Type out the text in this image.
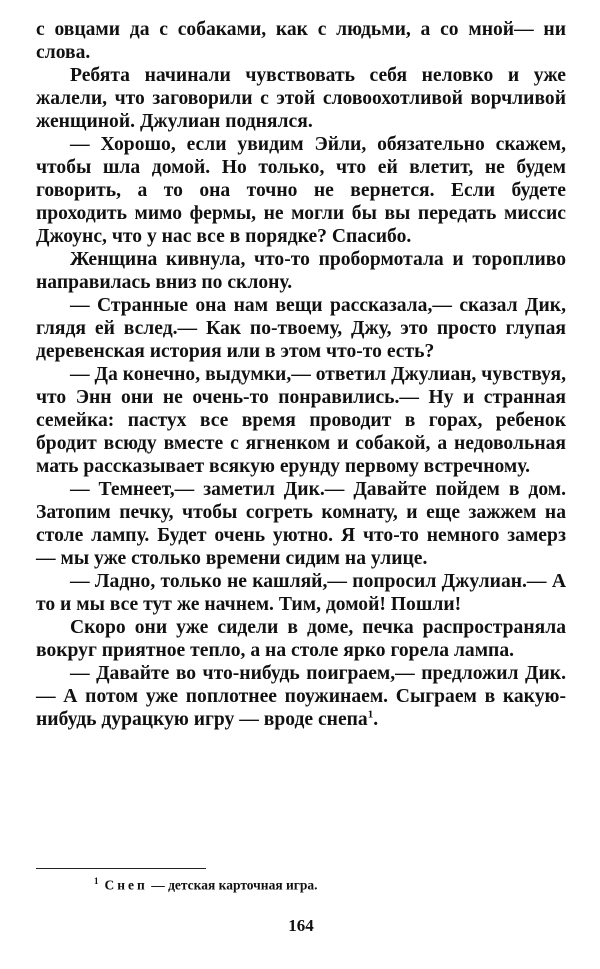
с овцами да с собаками, как с людьми, а со мной— ни слова.

Ребята начинали чувствовать себя неловко и уже жалели, что заговорили с этой словоохотливой ворчливой женщиной. Джулиан поднялся.

— Хорошо, если увидим Эйли, обязательно скажем, чтобы шла домой. Но только, что ей влетит, не будем говорить, а то она точно не вернется. Если будете проходить мимо фермы, не могли бы вы передать миссис Джоунс, что у нас все в порядке? Спасибо.

Женщина кивнула, что-то пробормотала и торопливо направилась вниз по склону.

— Странные она нам вещи рассказала,— сказал Дик, глядя ей вслед.— Как по-твоему, Джу, это просто глупая деревенская история или в этом что-то есть?

— Да конечно, выдумки,— ответил Джулиан, чувствуя, что Энн они не очень-то понравились.— Ну и странная семейка: пастух все время проводит в горах, ребенок бродит всюду вместе с ягненком и собакой, а недовольная мать рассказывает всякую ерунду первому встречному.

— Темнеет,— заметил Дик.— Давайте пойдем в дом. Затопим печку, чтобы согреть комнату, и еще зажжем на столе лампу. Будет очень уютно. Я что-то немного замерз — мы уже столько времени сидим на улице.

— Ладно, только не кашляй,— попросил Джулиан.— А то и мы все тут же начнем. Тим, домой! Пошли!

Скоро они уже сидели в доме, печка распространяла вокруг приятное тепло, а на столе ярко горела лампа.

— Давайте во что-нибудь поиграем,— предложил Дик.— А потом уже поплотнее поужинаем. Сыграем в какую-нибудь дурацкую игру — вроде снепа$^1$.

$^1$ Снеп — детская карточная игра.
164
